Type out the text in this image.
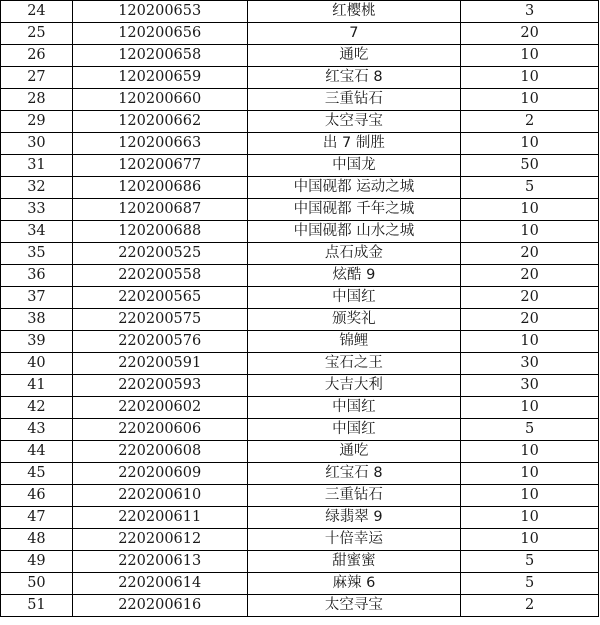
24	120200653	红樱桃	3
25	120200656	7	20
26	120200658	通吃	10
27	120200659	红宝石 8	10
28	120200660	三重钻石	10
29	120200662	太空寻宝	2
30	120200663	出 7 制胜	10
31	120200677	中国龙	50
32	120200686	中国砚都 运动之城	5
33	120200687	中国砚都 千年之城	10
34	120200688	中国砚都 山水之城	10
35	220200525	点石成金	20
36	220200558	炫酷 9	20
37	220200565	中国红	20
38	220200575	颁奖礼	20
39	220200576	锦鲤	10
40	220200591	宝石之王	30
41	220200593	大吉大利	30
42	220200602	中国红	10
43	220200606	中国红	5
44	220200608	通吃	10
45	220200609	红宝石 8	10
46	220200610	三重钻石	10
47	220200611	绿翡翠 9	10
48	220200612	十倍幸运	10
49	220200613	甜蜜蜜	5
50	220200614	麻辣 6	5
51	220200616	太空寻宝	2
